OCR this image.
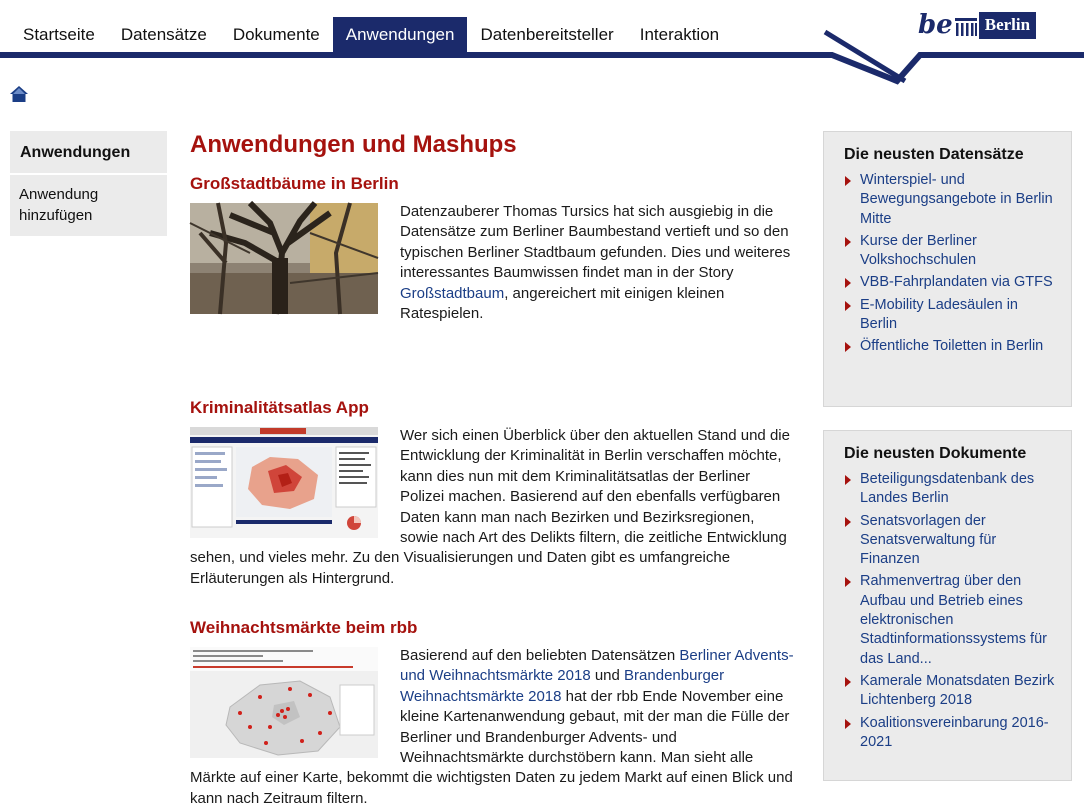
Startseite	Datensätze	Dokumente	Anwendungen	Datenbereitsteller	Interaktion	be	Berlin
Anwendungen
Anwendung hinzufügen
Anwendungen und Mashups
Großstadtbäume in Berlin

Datenzauberer Thomas Tursics hat sich ausgiebig in die Datensätze zum Berliner Baumbestand vertieft und so den typischen Berliner Stadtbaum gefunden. Dies und weiteres interessantes Baumwissen findet man in der Story Großstadtbaum, angereichert mit einigen kleinen Ratespielen.

Kriminalitätsatlas App

Wer sich einen Überblick über den aktuellen Stand und die Entwicklung der Kriminalität in Berlin verschaffen möchte, kann dies nun mit dem Kriminalitätsatlas der Berliner Polizei machen. Basierend auf den ebenfalls verfügbaren Daten kann man nach Bezirken und Bezirksregionen, sowie nach Art des Delikts filtern, die zeitliche Entwicklung sehen, und vieles mehr. Zu den Visualisierungen und Daten gibt es umfangreiche Erläuterungen als Hintergrund.

Weihnachtsmärkte beim rbb

Basierend auf den beliebten Datensätzen Berliner Advents- und Weihnachtsmärkte 2018 und Brandenburger Weihnachtsmärkte 2018 hat der rbb Ende November eine kleine Kartenanwendung gebaut, mit der man die Fülle der Berliner und Brandenburger Advents- und Weihnachtsmärkte durchstöbern kann. Man sieht alle Märkte auf einer Karte, bekommt die wichtigsten Daten zu jedem Markt auf einen Blick und kann nach Zeitraum filtern.

Die neusten Datensätze
Winterspiel- und Bewegungsangebote in Berlin Mitte
Kurse der Berliner Volkshochschulen
VBB-Fahrplandaten via GTFS
E-Mobility Ladesäulen in Berlin
Öffentliche Toiletten in Berlin
Die neusten Dokumente
Beteiligungsdatenbank des Landes Berlin
Senatsvorlagen der Senatsverwaltung für Finanzen
Rahmenvertrag über den Aufbau und Betrieb eines elektronischen Stadtinformationssystems für das Land...
Kamerale Monatsdaten Bezirk Lichtenberg 2018
Koalitionsvereinbarung 2016-2021
